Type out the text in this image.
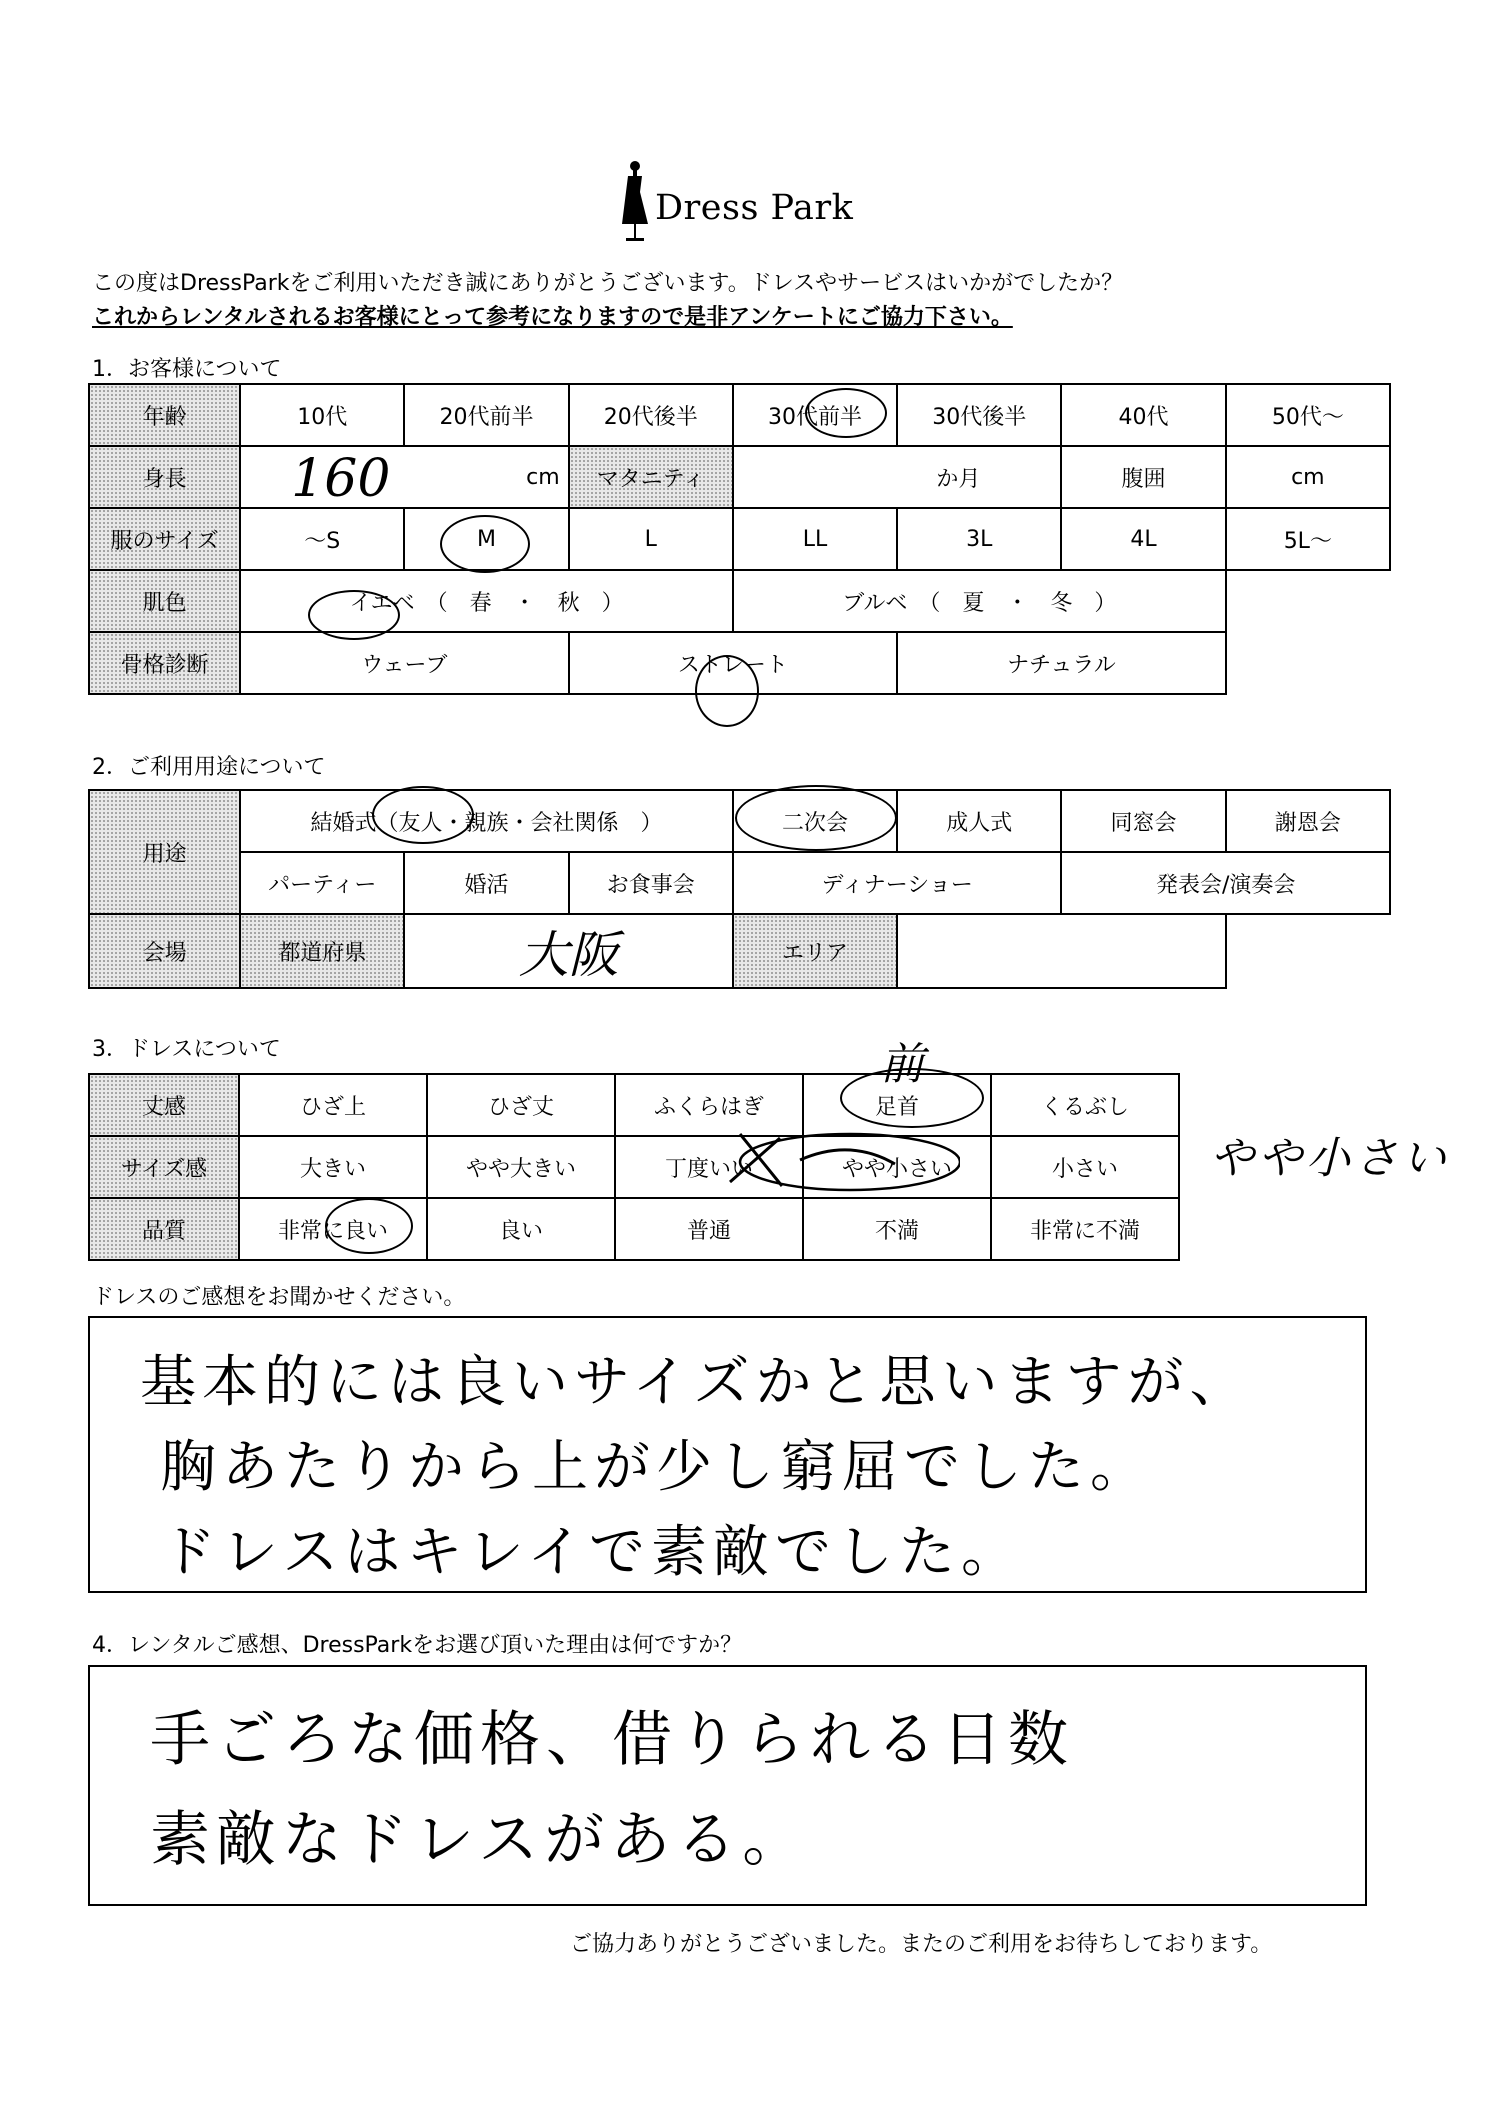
Dress Park
この度はDressParkをご利用いただき誠にありがとうございます。ドレスやサービスはいかがでしたか？
これからレンタルされるお客様にとって参考になりますので是非アンケートにご協力下さい。
1．お客様について
年齢	10代	20代前半	20代後半	30代前半	30代後半	40代	50代～
身長	160 cm		マタニティ	か月		腹囲	cm
服のサイズ	～S	M	L	LL	3L	4L	5L～
肌色	イエベ　（　春　・　秋　）			ブルベ　（　夏　・　冬　）			
骨格診断	ウェーブ		ストレート		ナチュラル		
2．ご利用用途について
用途	結婚式（友人・親族・会社関係　）			二次会	成人式	同窓会	謝恩会
	パーティー	婚活	お食事会	ディナーショー		発表会/演奏会	
会場	都道府県	大阪		エリア			
3．ドレスについて
丈感	ひざ上	ひざ丈	ふくらはぎ	足首	くるぶし
サイズ感	大きい	やや大きい	丁度いい	やや小さい	小さい
品質	非常に良い	良い	普通	不満	非常に不満
前
やや小さい
ドレスのご感想をお聞かせください。
基本的には良いサイズかと思いますが、
胸あたりから上が少し窮屈でした。
ドレスはキレイで素敵でした。
4．レンタルご感想、DressParkをお選び頂いた理由は何ですか？
手ごろな価格、借りられる日数
素敵なドレスがある。
ご協力ありがとうございました。またのご利用をお待ちしております。
